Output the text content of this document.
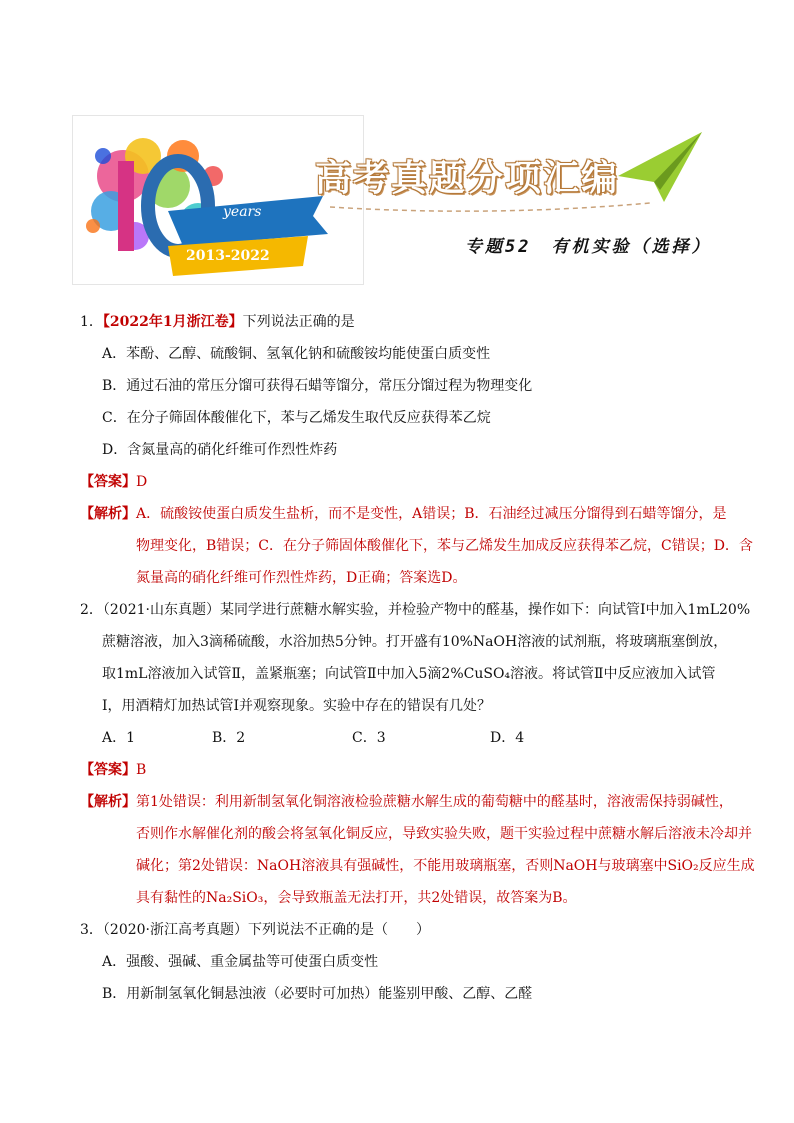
years
2013-2022
高考真题分项汇编
专题52　有机实验（选择）
1．【2022年1月浙江卷】下列说法正确的是
A．苯酚、乙醇、硫酸铜、氢氧化钠和硫酸铵均能使蛋白质变性
B．通过石油的常压分馏可获得石蜡等馏分，常压分馏过程为物理变化
C．在分子筛固体酸催化下，苯与乙烯发生取代反应获得苯乙烷
D．含氮量高的硝化纤维可作烈性炸药
【答案】D
【解析】A．硫酸铵使蛋白质发生盐析，而不是变性，A错误；B．石油经过减压分馏得到石蜡等馏分，是
物理变化，B错误；C．在分子筛固体酸催化下，苯与乙烯发生加成反应获得苯乙烷，C错误；D．含
氮量高的硝化纤维可作烈性炸药，D正确；答案选D。
2．（2021·山东真题）某同学进行蔗糖水解实验，并检验产物中的醛基，操作如下：向试管Ⅰ中加入1mL20%
蔗糖溶液，加入3滴稀硫酸，水浴加热5分钟。打开盛有10%NaOH溶液的试剂瓶，将玻璃瓶塞倒放，
取1mL溶液加入试管Ⅱ，盖紧瓶塞；向试管Ⅱ中加入5滴2%CuSO₄溶液。将试管Ⅱ中反应液加入试管
Ⅰ，用酒精灯加热试管Ⅰ并观察现象。实验中存在的错误有几处？
A．1	B．2	C．3	D．4
【答案】B
【解析】第1处错误：利用新制氢氧化铜溶液检验蔗糖水解生成的葡萄糖中的醛基时，溶液需保持弱碱性，
否则作水解催化剂的酸会将氢氧化铜反应，导致实验失败，题干实验过程中蔗糖水解后溶液未冷却并
碱化；第2处错误：NaOH溶液具有强碱性，不能用玻璃瓶塞，否则NaOH与玻璃塞中SiO₂反应生成
具有黏性的Na₂SiO₃，会导致瓶盖无法打开，共2处错误，故答案为B。
3．（2020·浙江高考真题）下列说法不正确的是（　　）
A．强酸、强碱、重金属盐等可使蛋白质变性
B．用新制氢氧化铜悬浊液（必要时可加热）能鉴别甲酸、乙醇、乙醛
